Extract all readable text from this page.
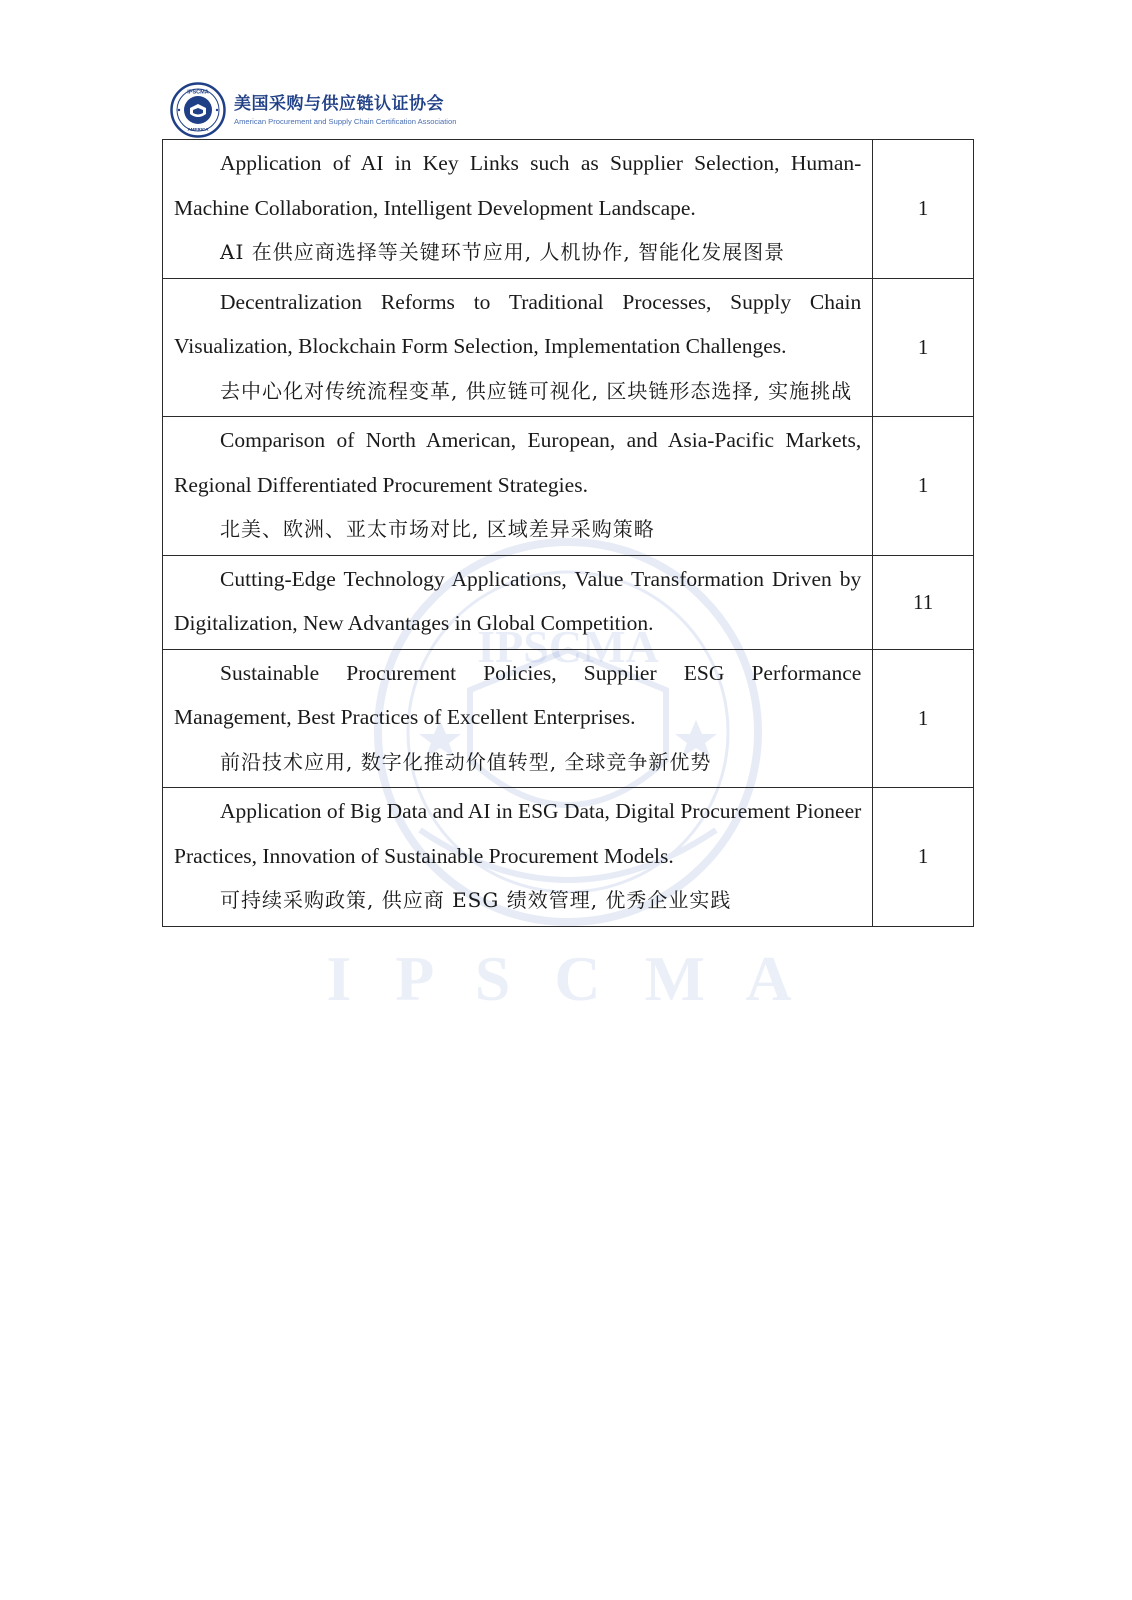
IPSCMA
I P S C M A
IPSCMA
AMERICA
美国采购与供应链认证协会
American Procurement and Supply Chain Certification Association

Application of AI in Key Links such as Supplier Selection, Human-Machine Collaboration, Intelligent Development Landscape.

AI 在供应商选择等关键环节应用, 人机协作, 智能化发展图景	1

Decentralization Reforms to Traditional Processes, Supply Chain Visualization, Blockchain Form Selection, Implementation Challenges.

去中心化对传统流程变革, 供应链可视化, 区块链形态选择, 实施挑战	1

Comparison of North American, European, and Asia-Pacific Markets, Regional Differentiated Procurement Strategies.

北美、欧洲、亚太市场对比, 区域差异采购策略	1

Cutting-Edge Technology Applications, Value Transformation Driven by Digitalization, New Advantages in Global Competition.	11

Sustainable Procurement Policies, Supplier ESG Performance Management, Best Practices of Excellent Enterprises.

前沿技术应用, 数字化推动价值转型, 全球竞争新优势	1

Application of Big Data and AI in ESG Data, Digital Procurement Pioneer Practices, Innovation of Sustainable Procurement Models.

可持续采购政策, 供应商 ESG 绩效管理, 优秀企业实践	1
